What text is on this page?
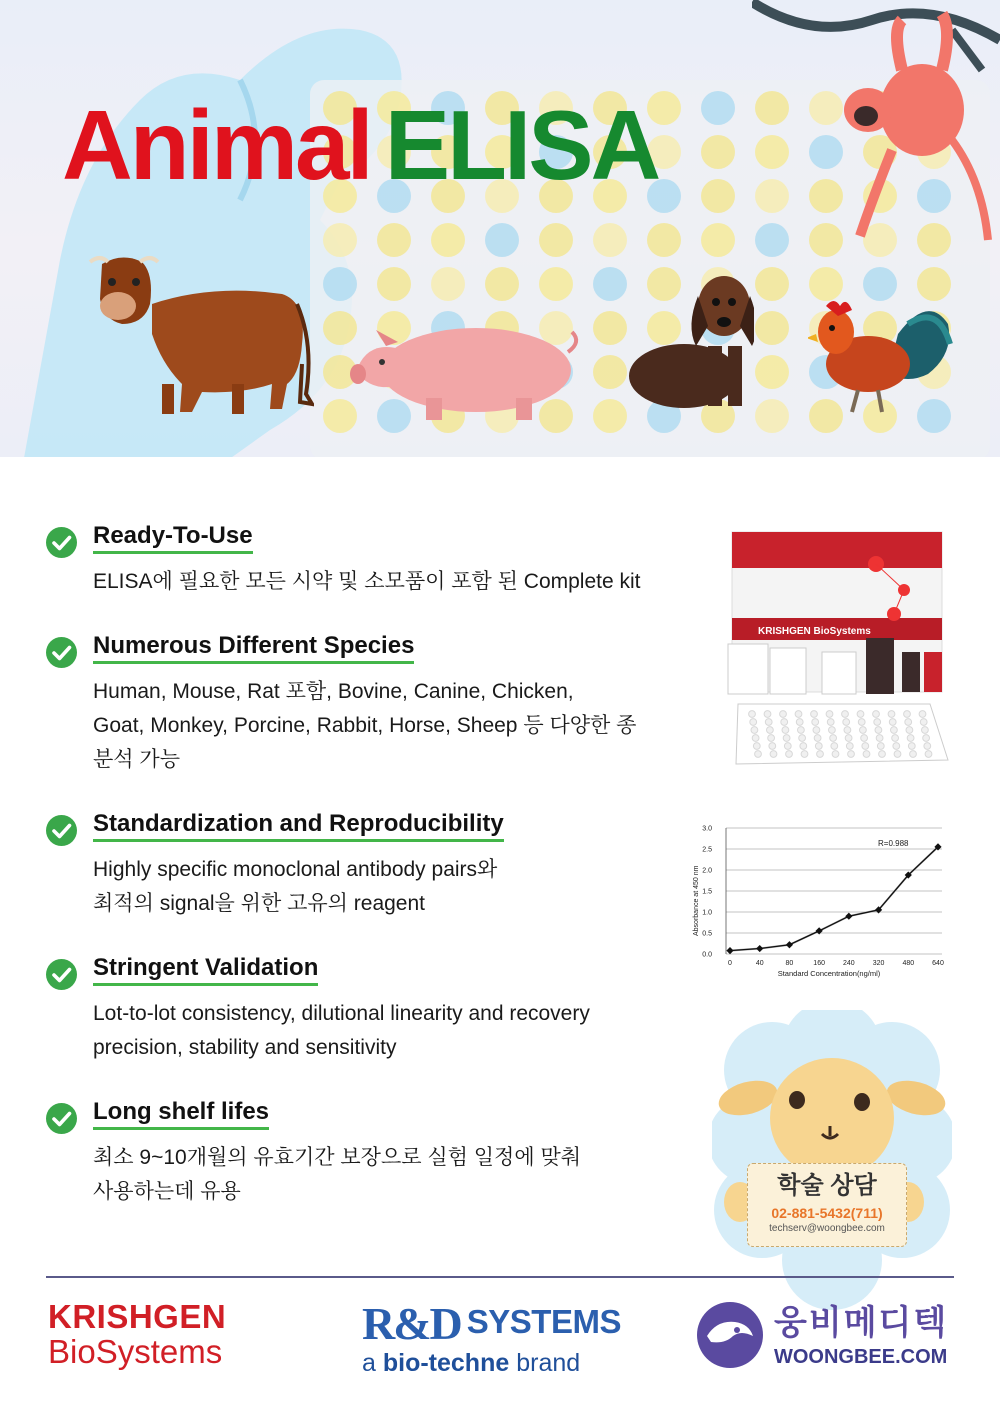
Animal ELISA
Ready-To-Use
ELISA에 필요한 모든 시약 및 소모품이 포함 된 Complete kit
Numerous Different Species
Human, Mouse, Rat 포함, Bovine, Canine, Chicken,
Goat, Monkey, Porcine, Rabbit, Horse, Sheep 등 다양한 종
분석 가능
Standardization and Reproducibility
Highly specific monoclonal antibody pairs와
최적의 signal을 위한 고유의 reagent
Stringent Validation
Lot-to-lot consistency, dilutional linearity and recovery
precision, stability and sensitivity
Long shelf lifes
최소 9~10개월의 유효기간 보장으로 실험 일정에 맞춰
사용하는데 유용
KRISHGEN BioSystems
Absorbance at 450 nm
Standard Concentration(ng/ml)
R=0.988
0.0
0.5
1.0
1.5
2.0
2.5
3.0
0	40	80	160	240	320	480	640
학술 상담
02-881-5432(711)
techserv@woongbee.com
KRISHGEN
BioSystems
R&D SYSTEMS
a bio-techne brand
웅비메디텍
WOONGBEE.COM
